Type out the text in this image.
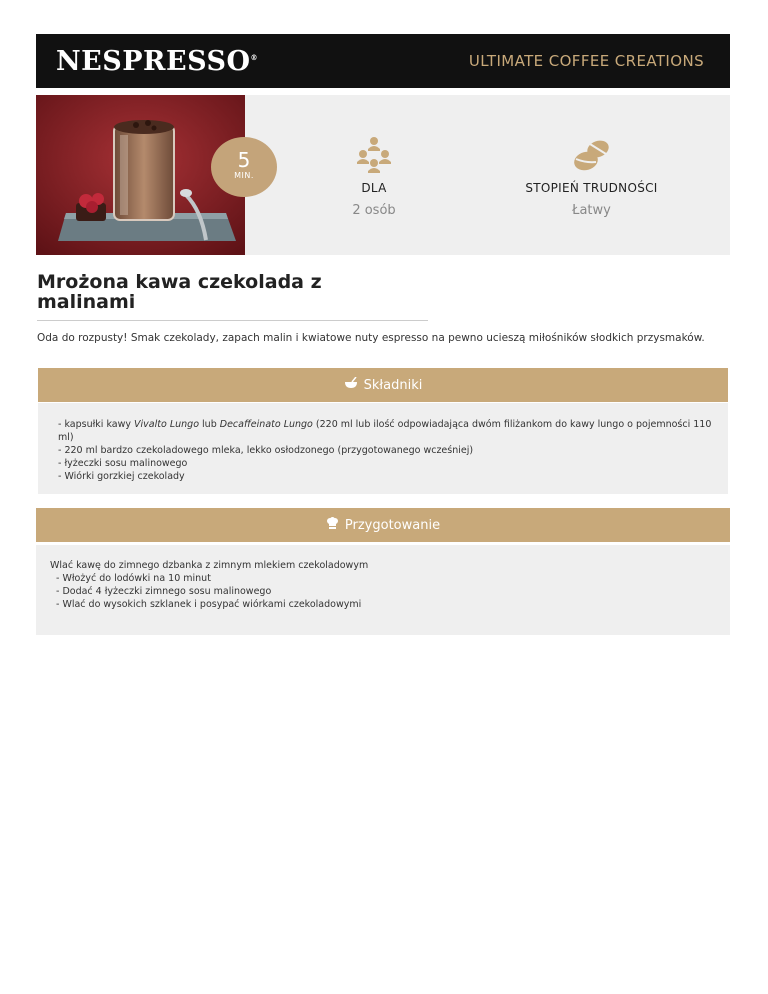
NESPRESSO®	ULTIMATE COFFEE CREATIONS
5
MIN.
DLA
2 osób
STOPIEŃ TRUDNOŚCI
Łatwy
Mrożona kawa czekolada z malinami

Oda do rozpusty! Smak czekolady, zapach malin i kwiatowe nuty espresso na pewno ucieszą miłośników słodkich przysmaków.

Składniki
- kapsułki kawy Vivalto Lungo lub Decaffeinato Lungo (220 ml lub ilość odpowiadająca dwóm filiżankom do kawy lungo o pojemności 110 ml)
- 220 ml bardzo czekoladowego mleka, lekko osłodzonego (przygotowanego wcześniej)
- łyżeczki sosu malinowego
- Wiórki gorzkiej czekolady
Przygotowanie
Wlać kawę do zimnego dzbanka z zimnym mlekiem czekoladowym
- Włożyć do lodówki na 10 minut
- Dodać 4 łyżeczki zimnego sosu malinowego
- Wlać do wysokich szklanek i posypać wiórkami czekoladowymi
